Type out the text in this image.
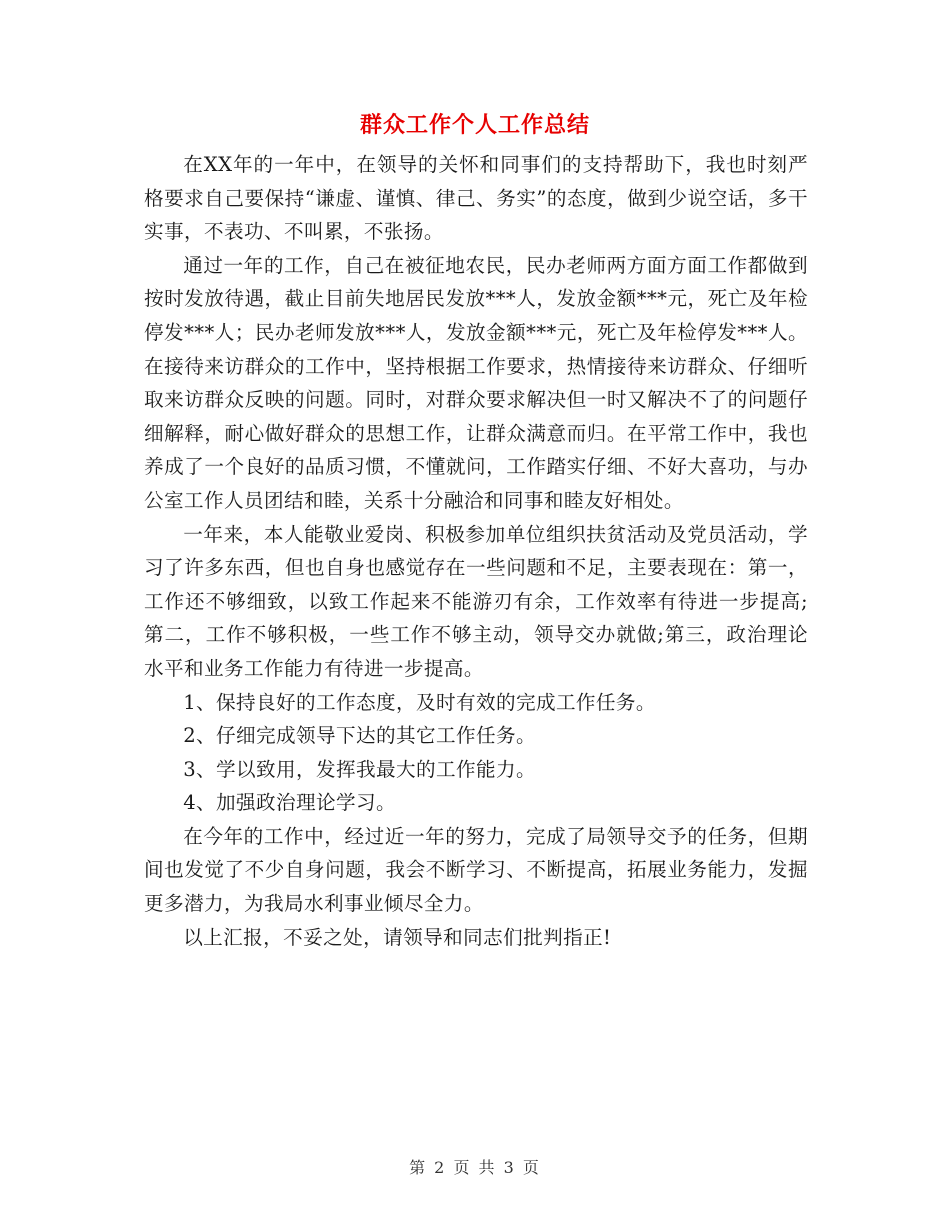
群众工作个人工作总结

在XX年的一年中，在领导的关怀和同事们的支持帮助下，我也时刻严格要求自己要保持“谦虚、谨慎、律己、务实”的态度，做到少说空话，多干实事，不表功、不叫累，不张扬。

通过一年的工作，自己在被征地农民，民办老师两方面方面工作都做到按时发放待遇，截止目前失地居民发放***人，发放金额***元，死亡及年检停发***人；民办老师发放***人，发放金额***元，死亡及年检停发***人。在接待来访群众的工作中，坚持根据工作要求，热情接待来访群众、仔细听取来访群众反映的问题。同时，对群众要求解决但一时又解决不了的问题仔细解释，耐心做好群众的思想工作，让群众满意而归。在平常工作中，我也养成了一个良好的品质习惯，不懂就问，工作踏实仔细、不好大喜功，与办公室工作人员团结和睦，关系十分融洽和同事和睦友好相处。

一年来，本人能敬业爱岗、积极参加单位组织扶贫活动及党员活动，学习了许多东西，但也自身也感觉存在一些问题和不足，主要表现在：第一，工作还不够细致，以致工作起来不能游刃有余，工作效率有待进一步提高;第二，工作不够积极，一些工作不够主动，领导交办就做;第三，政治理论水平和业务工作能力有待进一步提高。

1、保持良好的工作态度，及时有效的完成工作任务。

2、仔细完成领导下达的其它工作任务。

3、学以致用，发挥我最大的工作能力。

4、加强政治理论学习。

在今年的工作中，经过近一年的努力，完成了局领导交予的任务，但期间也发觉了不少自身问题，我会不断学习、不断提高，拓展业务能力，发掘更多潜力，为我局水利事业倾尽全力。

以上汇报，不妥之处，请领导和同志们批判指正!

第 2 页 共 3 页
